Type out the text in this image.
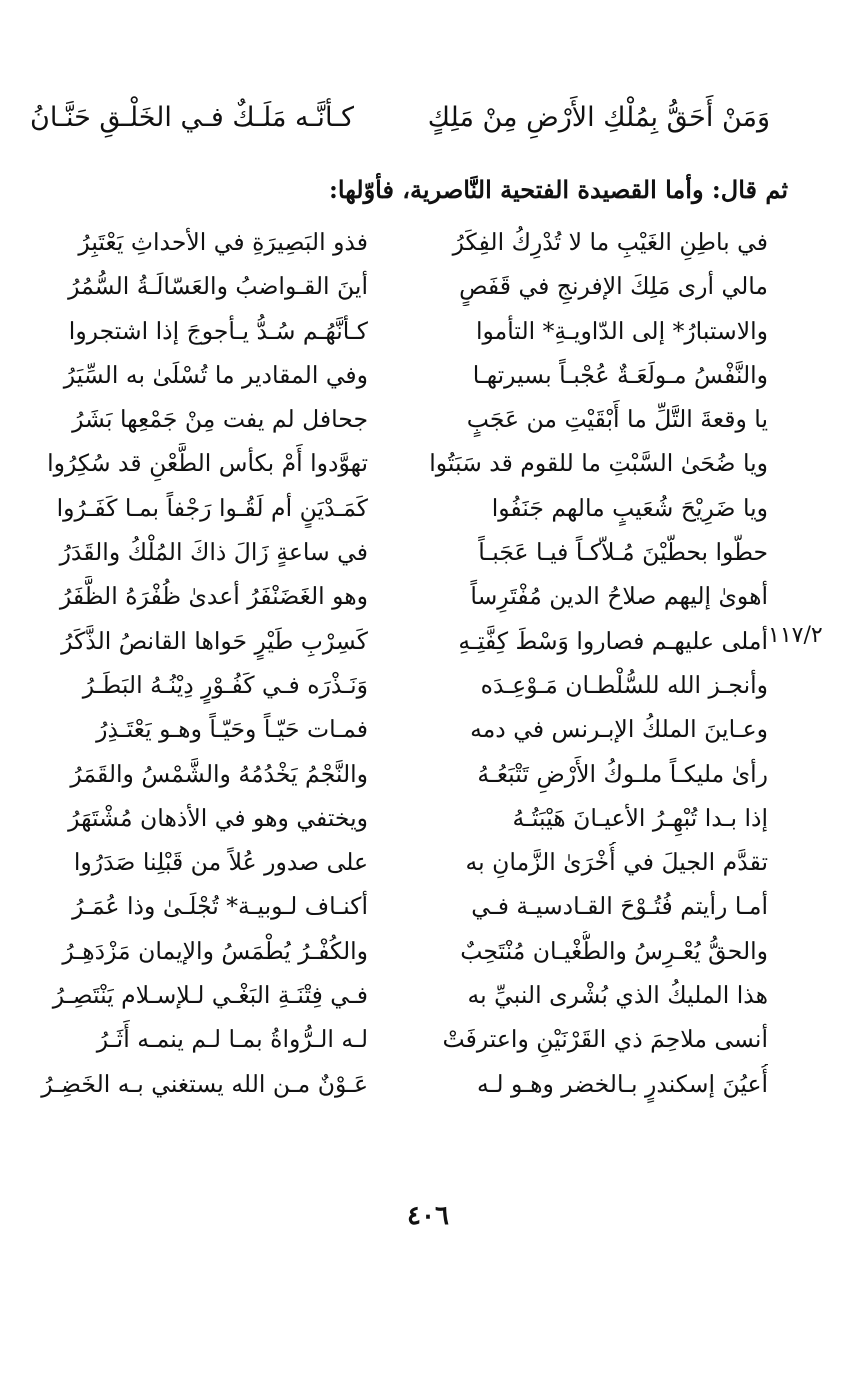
وَمَنْ أَحَقُّ بِمُلْكِ الأَرْضِ مِنْ مَلِكٍ
كـأنَّـه مَلَـكٌ فـي الخَلْـقِ حَنَّـانُ
ثم قال: وأما القصيدة الفتحية النَّاصرية، فأوّلها:
١١٧/٢
في باطِنِ الغَيْبِ ما لا تُدْرِكُ الفِكَرُ
فذو البَصِيرَةِ في الأحداثِ يَعْتَبِرُ
مالي أرى مَلِكَ الإفرنجِ في قَفَصٍ
أينَ القـواضبُ والعَسّالَـةُ السُّمُرُ
والاستبارُ* إلى الدّاويـةِ* التأموا
كـأنَّهُـم سُـدُّ يـأجوجَ إذا اشتجروا
والنَّفْسُ مـولَعَـةٌ عُجْبـاً بسيرتهـا
وفي المقادير ما تُسْلَىٰ به السِّيَرُ
يا وقعةَ التَّلِّ ما أَبْقَيْتِ من عَجَبٍ
جحافل لم يفت مِنْ جَمْعِها بَشَرُ
ويا ضُحَىٰ السَّبْتِ ما للقوم قد سَبَتُوا
تهوَّدوا أَمْ بكأس الطَّعْنِ قد سُكِرُوا
ويا ضَرِيْحَ شُعَيبٍ مالهم جَنَفُوا
كَمَـدْيَنٍ أم لَقُـوا رَجْفاً بمـا كَفَـرُوا
حطّوا بحطّيْنَ مُـلاّكـاً فيـا عَجَبـاً
في ساعةٍ زَالَ ذاكَ المُلْكُ والقَدَرُ
أهوىٰ إليهم صلاحُ الدين مُفْتَرِساً
وهو الغَضَنْفَرُ أعدىٰ ظُفْرَهُ الظَّفَرُ
أملى عليهـم فصاروا وَسْطَ كِفَّتِـهِ
كَسِرْبِ طَيْرٍ حَواها القانصُ الذَّكَرُ
وأنجـز الله للسُّلْطـان مَـوْعِـدَه
وَنَـذْرَه فـي كَفُـوْرٍ دِيْنُـهُ البَطَـرُ
وعـاينَ الملكُ الإبـرنس في دمه
فمـات حَيّـاً وحَيّـاً وهـو يَعْتَـذِرُ
رأىٰ مليكـاً ملـوكُ الأَرْضِ تَتْبَعُـهُ
والنَّجْمُ يَخْدُمُهُ والشَّمْسُ والقَمَرُ
إذا بـدا تُبْهِـرُ الأعيـانَ هَيْبَتُـهُ
ويختفي وهو في الأذهان مُشْتَهَرُ
تقدَّم الجيلَ في أُخْرَىٰ الزَّمانِ به
على صدور عُلاً من قَبْلِنا صَدَرُوا
أمـا رأيتم فُتُـوْحَ القـادسيـة فـي
أكنـاف لـوبيـة* تُجْلَـىٰ وذا عُمَـرُ
والحقُّ يُعْـرِسُ والطُّغْيـان مُنْتَحِبٌ
والكُفْـرُ يُطْمَسُ والإيمان مَزْدَهِـرُ
هذا المليكُ الذي بُشْرى النبيِّ به
فـي فِتْنَـةِ البَغْـي لـلإسـلام يَنْتَصِـرُ
أنسى ملاحِمَ ذي القَرْنَيْنِ واعترفَتْ
لـه الـرُّواةُ بمـا لـم ينمـه أَثَـرُ
أُعيُنَ إسكندرٍ بـالخضر وهـو لـه
عَـوْنٌ مـن الله يستغني بـه الخَضِـرُ
٤٠٦
